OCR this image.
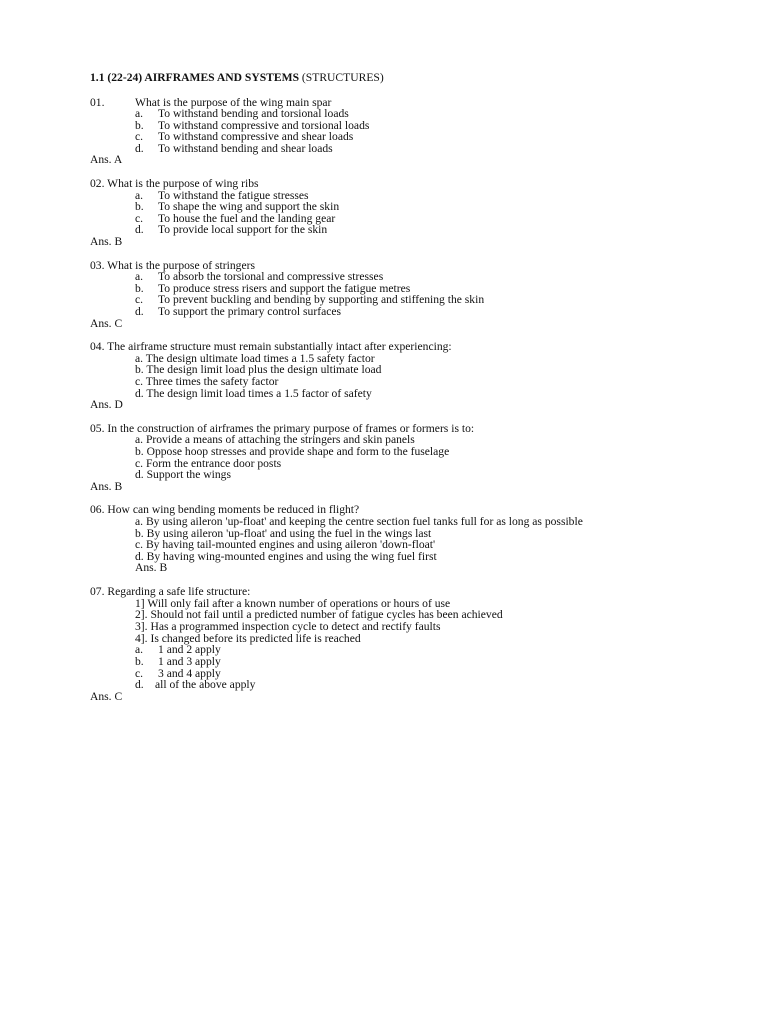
1.1 (22-24) AIRFRAMES AND SYSTEMS (STRUCTURES)
01.	What is the purpose of the wing main spar
a. To withstand bending and torsional loads
b. To withstand compressive and torsional loads
c. To withstand compressive and shear loads
d. To withstand bending and shear loads
Ans. A
02. What is the purpose of wing ribs
a. To withstand the fatigue stresses
b. To shape the wing and support the skin
c. To house the fuel and the landing gear
d. To provide local support for the skin
Ans. B
03. What is the purpose of stringers
a. To absorb the torsional and compressive stresses
b. To produce stress risers and support the fatigue metres
c. To prevent buckling and bending by supporting and stiffening the skin
d. To support the primary control surfaces
Ans. C
04. The airframe structure must remain substantially intact after experiencing:
a. The design ultimate load times a 1.5 safety factor
b. The design limit load plus the design ultimate load
c. Three times the safety factor
d. The design limit load times a 1.5 factor of safety
Ans. D
05. In the construction of airframes the primary purpose of frames or formers is to:
a. Provide a means of attaching the stringers and skin panels
b. Oppose hoop stresses and provide shape and form to the fuselage
c. Form the entrance door posts
d. Support the wings
Ans. B
06. How can wing bending moments be reduced in flight?
a. By using aileron 'up-float' and keeping the centre section fuel tanks full for as long as possible
b. By using aileron 'up-float' and using the fuel in the wings last
c. By having tail-mounted engines and using aileron 'down-float'
d. By having wing-mounted engines and using the wing fuel first
Ans. B
07. Regarding a safe life structure:
1] Will only fail after a known number of operations or hours of use
2]. Should not fail until a predicted number of fatigue cycles has been achieved
3]. Has a programmed inspection cycle to detect and rectify faults
4]. Is changed before its predicted life is reached
a. 1 and 2 apply
b. 1 and 3 apply
c. 3 and 4 apply
d. all of the above apply
Ans. C
